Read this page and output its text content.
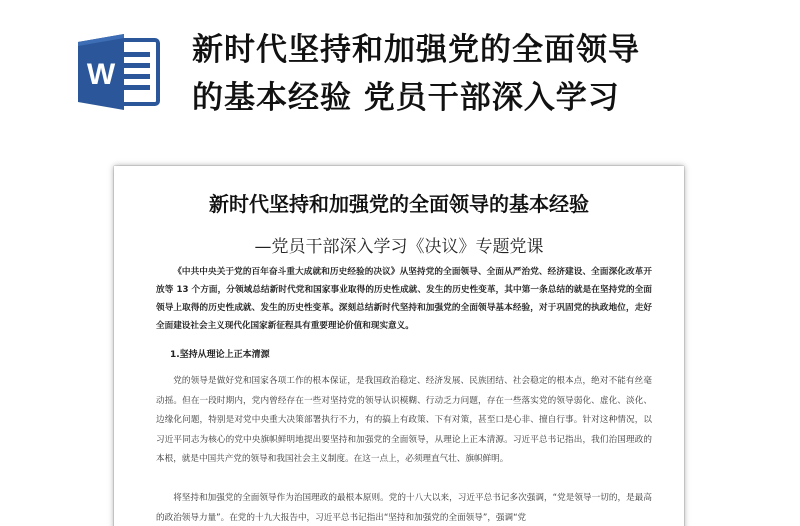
W
新时代坚持和加强党的全面领导
的基本经验 党员干部深入学习
新时代坚持和加强党的全面领导的基本经验
—党员干部深入学习《决议》专题党课

《中共中央关于党的百年奋斗重大成就和历史经验的决议》从坚持党的全面领导、全面从严治党、经济建设、全面深化改革开放等 13 个方面，分领域总结新时代党和国家事业取得的历史性成就、发生的历史性变革，其中第一条总结的就是在坚持党的全面领导上取得的历史性成就、发生的历史性变革。深刻总结新时代坚持和加强党的全面领导基本经验，对于巩固党的执政地位，走好全面建设社会主义现代化国家新征程具有重要理论价值和现实意义。

1.坚持从理论上正本清源

党的领导是做好党和国家各项工作的根本保证，是我国政治稳定、经济发展、民族团结、社会稳定的根本点，绝对不能有丝毫动摇。但在一段时期内，党内曾经存在一些对坚持党的领导认识模糊、行动乏力问题，存在一些落实党的领导弱化、虚化、淡化、边缘化问题，特别是对党中央重大决策部署执行不力，有的搞上有政策、下有对策，甚至口是心非、擅自行事。针对这种情况，以习近平同志为核心的党中央旗帜鲜明地提出要坚持和加强党的全面领导，从理论上正本清源。习近平总书记指出，我们治国理政的本根，就是中国共产党的领导和我国社会主义制度。在这一点上，必须理直气壮、旗帜鲜明。

将坚持和加强党的全面领导作为治国理政的最根本原则。党的十八大以来，习近平总书记多次强调，“党是领导一切的，是最高的政治领导力量”。在党的十九大报告中，习近平总书记指出“坚持和加强党的全面领导”，强调“党
